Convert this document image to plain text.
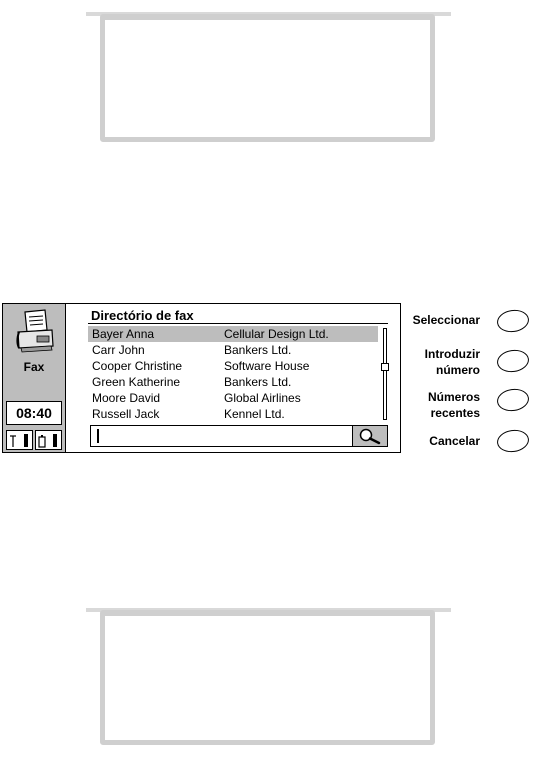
Fax
08:40
Directório de fax
Bayer Anna	Cellular Design Ltd.
Carr John	Bankers Ltd.
Cooper Christine	Software House
Green Katherine	Bankers Ltd.
Moore David	Global Airlines
Russell Jack	Kennel Ltd.
Seleccionar
Introduzir
número
Números
recentes
Cancelar
